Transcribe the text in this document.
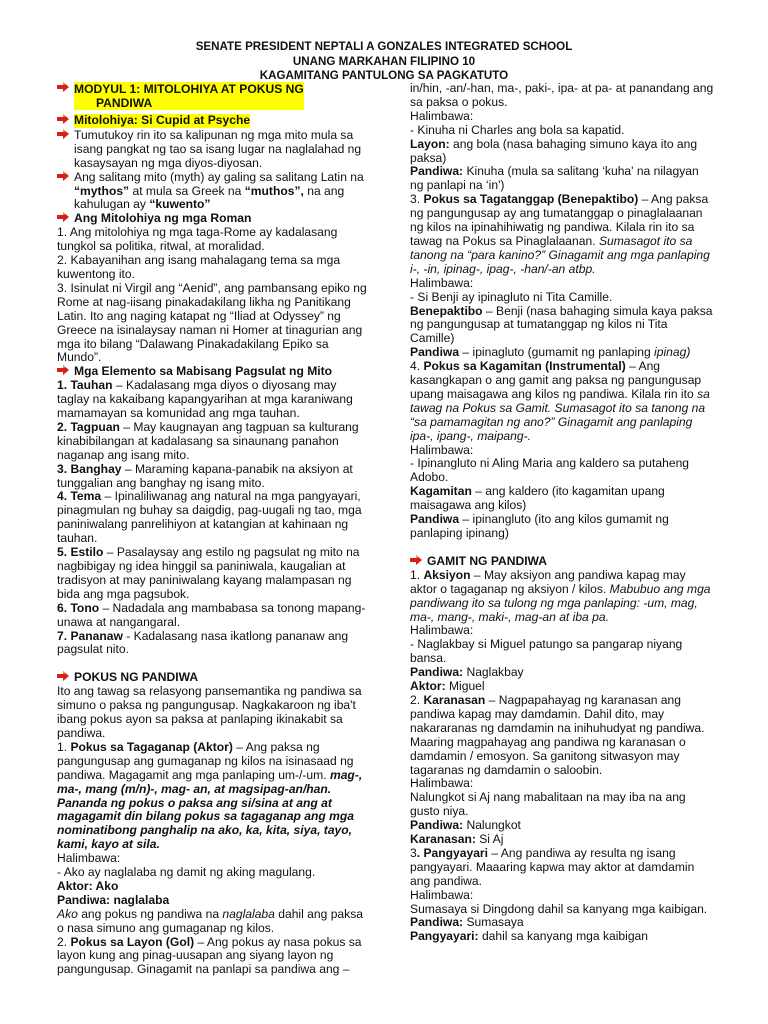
SENATE PRESIDENT NEPTALI A GONZALES INTEGRATED SCHOOL
UNANG MARKAHAN FILIPINO 10
KAGAMITANG PANTULONG SA PAGKATUTO

MODYUL 1: MITOLOHIYA AT POKUS NG
PANDIWA

Mitolohiya: Si Cupid at Psyche

Tumutukoy rin ito sa kalipunan ng mga mito mula sa isang pangkat ng tao sa isang lugar na naglalahad ng kasaysayan ng mga diyos-diyosan.

Ang salitang mito (myth) ay galing sa salitang Latin na “mythos” at mula sa Greek na “muthos”, na ang kahulugan ay “kuwento”

Ang Mitolohiya ng mga Roman

1. Ang mitolohiya ng mga taga-Rome ay kadalasang tungkol sa politika, ritwal, at moralidad.

2. Kabayanihan ang isang mahalagang tema sa mga kuwentong ito.

3. Isinulat ni Virgil ang “Aenid”, ang pambansang epiko ng Rome at nag-iisang pinakadakilang likha ng Panitikang Latin. Ito ang naging katapat ng “Iliad at Odyssey” ng Greece na isinalaysay naman ni Homer at tinagurian ang mga ito bilang “Dalawang Pinakadakilang Epiko sa Mundo”.

Mga Elemento sa Mabisang Pagsulat ng Mito

1. Tauhan – Kadalasang mga diyos o diyosang may taglay na kakaibang kapangyarihan at mga karaniwang mamamayan sa komunidad ang mga tauhan.

2. Tagpuan – May kaugnayan ang tagpuan sa kulturang kinabibilangan at kadalasang sa sinaunang panahon naganap ang isang mito.

3. Banghay – Maraming kapana-panabik na aksiyon at tunggalian ang banghay ng isang mito.

4. Tema – Ipinaliliwanag ang natural na mga pangyayari, pinagmulan ng buhay sa daigdig, pag-uugali ng tao, mga paniniwalang panrelihiyon at katangian at kahinaan ng tauhan.

5. Estilo – Pasalaysay ang estilo ng pagsulat ng mito na nagbibigay ng idea hinggil sa paniniwala, kaugalian at tradisyon at may paniniwalang kayang malampasan ng bida ang mga pagsubok.

6. Tono – Nadadala ang mambabasa sa tonong mapang-unawa at nangangaral.

7. Pananaw - Kadalasang nasa ikatlong pananaw ang pagsulat nito.

POKUS NG PANDIWA

Ito ang tawag sa relasyong pansemantika ng pandiwa sa simuno o paksa ng pangungusap. Nagkakaroon ng iba't ibang pokus ayon sa paksa at panlaping ikinakabit sa pandiwa.

1. Pokus sa Tagaganap (Aktor) – Ang paksa ng pangungusap ang gumaganap ng kilos na isinasaad ng pandiwa. Magagamit ang mga panlaping um-/-um. mag-, ma-, mang (m/n)-, mag- an, at magsipag-an/han. Pananda ng pokus o paksa ang si/sina at ang at magagamit din bilang pokus sa tagaganap ang mga nominatibong panghalip na ako, ka, kita, siya, tayo, kami, kayo at sila.

Halimbawa:

- Ako ay naglalaba ng damit ng aking magulang.

Aktor: Ako

Pandiwa: naglalaba

Ako ang pokus ng pandiwa na naglalaba dahil ang paksa o nasa simuno ang gumaganap ng kilos.

2. Pokus sa Layon (Gol) – Ang pokus ay nasa pokus sa layon kung ang pinag-uusapan ang siyang layon ng pangungusap. Ginagamit na panlapi sa pandiwa ang –

in/hin, -an/-han, ma-, paki-, ipa- at pa- at panandang ang sa paksa o pokus.

Halimbawa:

- Kinuha ni Charles ang bola sa kapatid.

Layon: ang bola (nasa bahaging simuno kaya ito ang paksa)

Pandiwa: Kinuha (mula sa salitang ‘kuha' na nilagyan ng panlapi na ‘in')

3. Pokus sa Tagatanggap (Benepaktibo) – Ang paksa ng pangungusap ay ang tumatanggap o pinaglalaanan ng kilos na ipinahihiwatig ng pandiwa. Kilala rin ito sa tawag na Pokus sa Pinaglalaanan. Sumasagot ito sa tanong na “para kanino?” Ginagamit ang mga panlaping i-, -in, ipinag-, ipag-, -han/-an atbp.

Halimbawa:

- Si Benji ay ipinagluto ni Tita Camille.

Benepaktibo – Benji (nasa bahaging simula kaya paksa ng pangungusap at tumatanggap ng kilos ni Tita Camille)

Pandiwa – ipinagluto (gumamit ng panlaping ipinag)

4. Pokus sa Kagamitan (Instrumental) – Ang kasangkapan o ang gamit ang paksa ng pangungusap upang maisagawa ang kilos ng pandiwa. Kilala rin ito sa tawag na Pokus sa Gamit. Sumasagot ito sa tanong na “sa pamamagitan ng ano?” Ginagamit ang panlaping ipa-, ipang-, maipang-.

Halimbawa:

- Ipinangluto ni Aling Maria ang kaldero sa putaheng Adobo.

Kagamitan – ang kaldero (ito kagamitan upang maisagawa ang kilos)

Pandiwa – ipinangluto (ito ang kilos gumamit ng panlaping ipinang)

GAMIT NG PANDIWA

1. Aksiyon – May aksiyon ang pandiwa kapag may aktor o tagaganap ng aksiyon / kilos. Mabubuo ang mga pandiwang ito sa tulong ng mga panlaping: -um, mag, ma-, mang-, maki-, mag-an at iba pa.

Halimbawa:

- Naglakbay si Miguel patungo sa pangarap niyang bansa.

Pandiwa: Naglakbay

Aktor: Miguel

2. Karanasan – Nagpapahayag ng karanasan ang pandiwa kapag may damdamin. Dahil dito, may nakararanas ng damdamin na inihuhudyat ng pandiwa. Maaring magpahayag ang pandiwa ng karanasan o damdamin / emosyon. Sa ganitong sitwasyon may tagaranas ng damdamin o saloobin.

Halimbawa:

Nalungkot si Aj nang mabalitaan na may iba na ang gusto niya.

Pandiwa: Nalungkot

Karanasan: Si Aj

3. Pangyayari – Ang pandiwa ay resulta ng isang pangyayari. Maaaring kapwa may aktor at damdamin ang pandiwa.

Halimbawa:

Sumasaya si Dingdong dahil sa kanyang mga kaibigan.

Pandiwa: Sumasaya

Pangyayari: dahil sa kanyang mga kaibigan
